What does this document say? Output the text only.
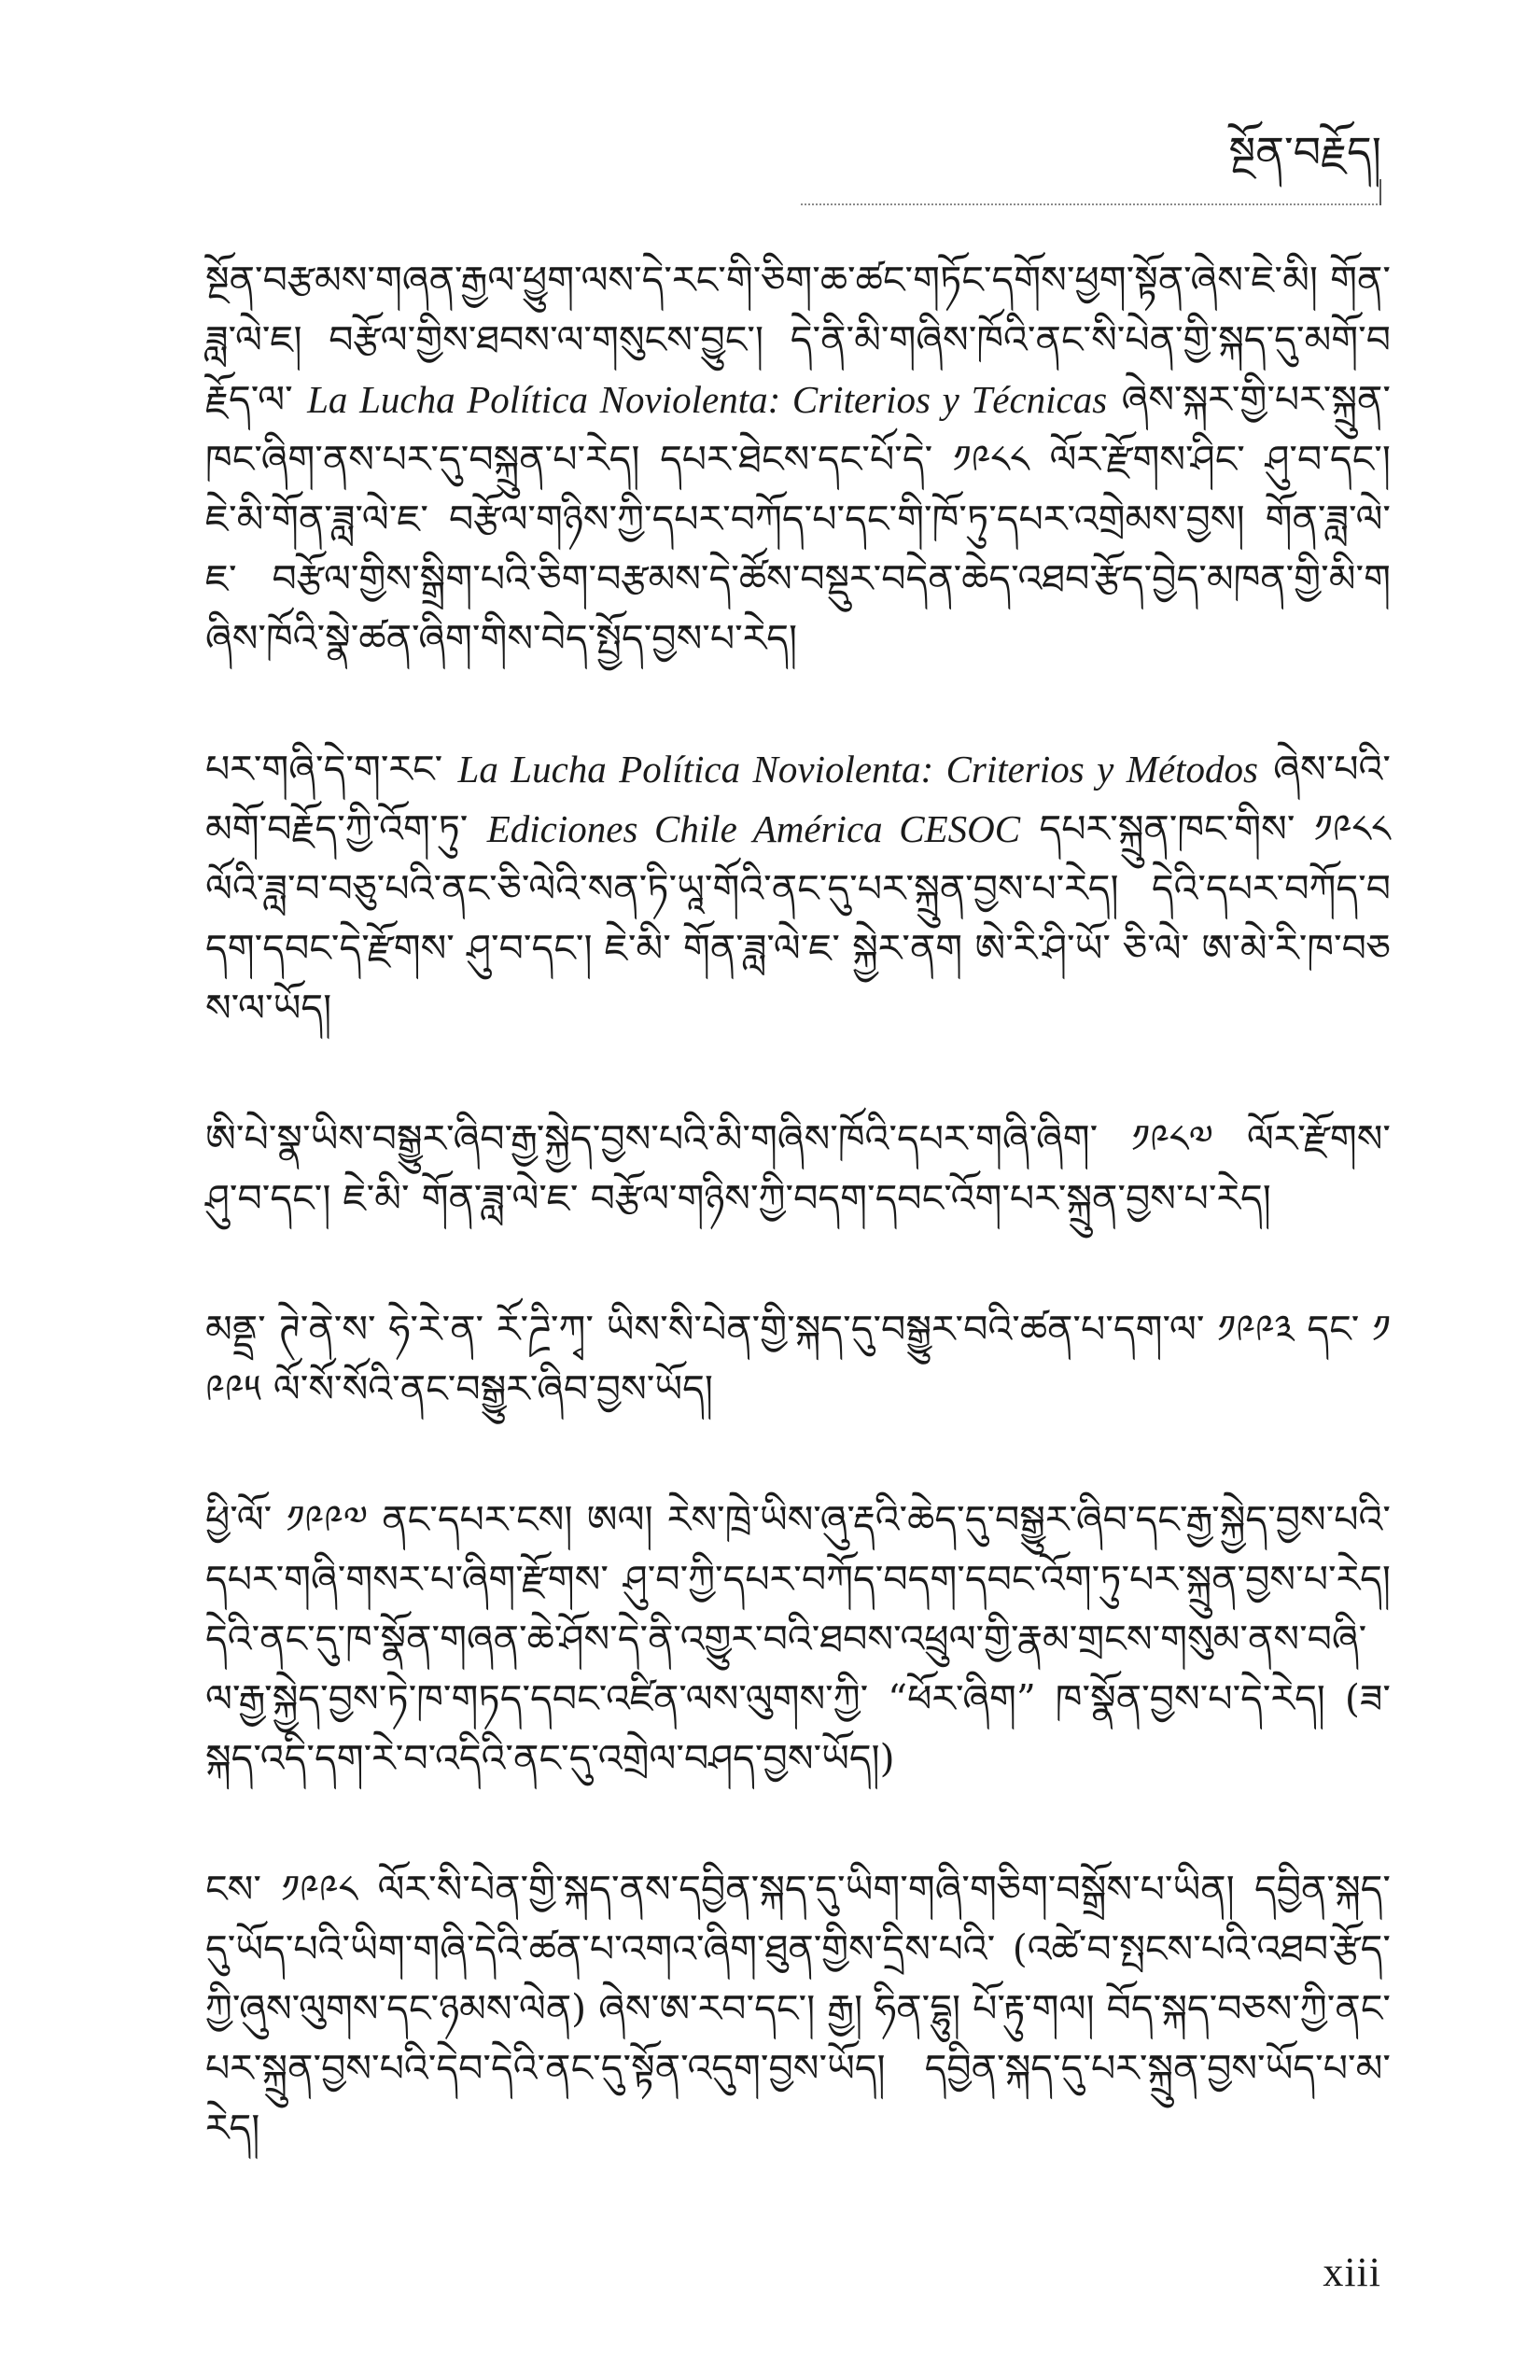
སྔོན་བརྗོད།

སྔོན་བརྩམས་གཞན་རྒྱལ་ཕྱུག་ལས་དེ་རང་གི་ཅིག་ཆ་ཚང་གཏོང་དགོས་ཕྱག་སྟོན་ཞེས་ཇེ་མི། གོན་ཟླ་ལེ་ཇ། བརྩོལ་གྱིས་ཐབས་ལ་གསུངས་བྱུང་། དེ་ནི་མི་གཞིས་ཁོའི་ནང་སི་པེན་གྱི་སྐད་དུ་མགོ་བརྗོད་ལ་ La Lucha Política Noviolenta: Criterios y Técnicas ཞེས་སྐར་གྱི་པར་སྐྲུན་ཁང་ཞིག་ནས་པར་དུ་བསྐྲུན་པ་རེད། དཔར་ཐེངས་དང་པོ་དེ་ ༡༩༨༨ ལོར་རྫོགས་ཤིང་ ཤུ་བ་དང་། ཇེ་མི་གོན་ཟླ་ལེ་ཇ་ བརྩོལ་གཉིས་ཀྱི་དཔར་བཀོད་པ་དང་གི་ཁོ་ཏུ་དཔར་འགྲེམས་བྱས། གོན་ཟླ་ལེ་ཇ་ བརྩོལ་གྱིས་སྒྲིག་པའི་ཅིག་བརྩམས་དེ་ཚོས་བསྡུར་བདེན་ཆེད་འཐབ་རྩོད་བྱེད་མཁན་གྱི་མི་གཞིས་ཁོའི་སྣེ་ཚན་ཞིག་གིས་བེད་སྤྱོད་བྱས་པ་རེད།

པར་གཞི་དེ་ག་རང་ La Lucha Política Noviolenta: Criterios y Métodos ཞེས་པའི་མགོ་བརྗོད་ཀྱི་འོག་ཏུ་ Ediciones Chile América CESOC དཔར་སྐྲུན་ཁང་གིས་ ༡༩༨༨ ལོའི་ཟླ་བ་བཅུ་པའི་ནང་ཅི་ལེའི་སན་ཏི་ཡཱ་གོའི་ནང་དུ་པར་སྐྲུན་བྱས་པ་རེད། དེའི་དཔར་བཀོད་བདག་དབང་དེ་རྫོགས་ ཤུ་བ་དང་། ཇེ་མི་ གོན་ཟླ་ལེ་ཇ་ སྐྱེར་ནག ཨེ་རི་ཤི་ཡོ་ ཅི་ལེ་ ཨ་མེ་རི་ཁ་བཅས་ལ་ཡོད།

ཨི་པེ་སྣ་ཡིས་བསྒྱུར་ཞིབ་རྒྱ་སྐྱེད་བྱས་པའི་མི་གཞིས་ཁོའི་དཔར་གཞི་ཞིག་ ༡༩༨༧ ལོར་རྫོགས་ ཤུ་བ་དང་། ཇེ་མི་ གོན་ཟླ་ལེ་ཇ་ བརྩོལ་གཉིས་ཀྱི་བདག་དབང་འོག་པར་སྐྲུན་བྱས་པ་རེད།

མནྡྲ་ ཊེ་ནེ་ས་ ཧེ་རེ་ན་ ཪོ་ཌྲི་ཀྭ་ ཡིས་སི་པེན་གྱི་སྐད་དུ་བསྒྱུར་བའི་ཚན་པ་དག་ལ་ ༡༩༩༣ དང་ ༡༩༩༥ ལོ་སོ་སོའི་ནང་བསྒྱུར་ཞིབ་བྱས་ཡོད།

ཕྱི་ལོ་ ༡༩༩༧ ནང་དཔར་ངས། ཨལ། རེས་ཁྲེ་ཡིས་ཞུ་རྡའི་ཆེད་དུ་བསྒྱུར་ཞིབ་དང་རྒྱ་སྐྱེད་བྱས་པའི་དཔར་གཞི་གསར་པ་ཞིག་རྫོགས་ ཤུ་བ་ཀྱི་དཔར་བཀོད་བདག་དབང་འོག་ཏུ་པར་སྐྲུན་བྱས་པ་རེད། དེའི་ནང་དུ་ཁ་སྣོན་གཞན་ཆེ་ཤོས་དེ་ནི་འགྱུར་བའི་ཐབས་འཕྲུལ་གྱི་རྣམ་གྲངས་གསུམ་ནས་བཞི་ལ་རྒྱ་སྐྱེད་བྱས་ཏེ་ཁ་གཏད་དབང་འཛིན་ལས་ལུགས་ཀྱི་ “ཕོར་ཞིག” ཁ་སྣོན་བྱས་པ་དེ་རེད། (ཟ་སྐད་འདི་དག་རེ་བ་འདིའི་ནང་དུ་འགྲེལ་བཤད་བྱས་ཡོད།)

ངས་ ༡༩༩༨ ལོར་སི་པེན་གྱི་སྐད་ནས་དབྱིན་སྐད་དུ་ཡིག་གཞི་གཅིག་བསྒྲོས་པ་ཡིན། དབྱིན་སྐད་དུ་ཡོད་པའི་ཡིག་གཞི་དེའི་ཚན་པ་འགའ་ཞིག་ཐུན་གྱིས་དྲིས་པའི་ (འཚེ་བ་སྤངས་པའི་འཐབ་རྩོད་ཀྱི་ཞུས་ལུགས་དང་ཉམས་ལེན) ཞེས་ཨ་རབ་དང་། རྒྱ། ཧིན་དྷུ། པོ་རྟུ་གལ། བོད་སྐད་བཅས་ཀྱི་ནང་པར་སྐྲུན་བྱས་པའི་དེབ་དེའི་ནང་དུ་སྟོན་འདུག་བྱས་ཡོད། དབྱིན་སྐད་དུ་པར་སྐྲུན་བྱས་ཡོད་པ་མ་རེད།

xiii
